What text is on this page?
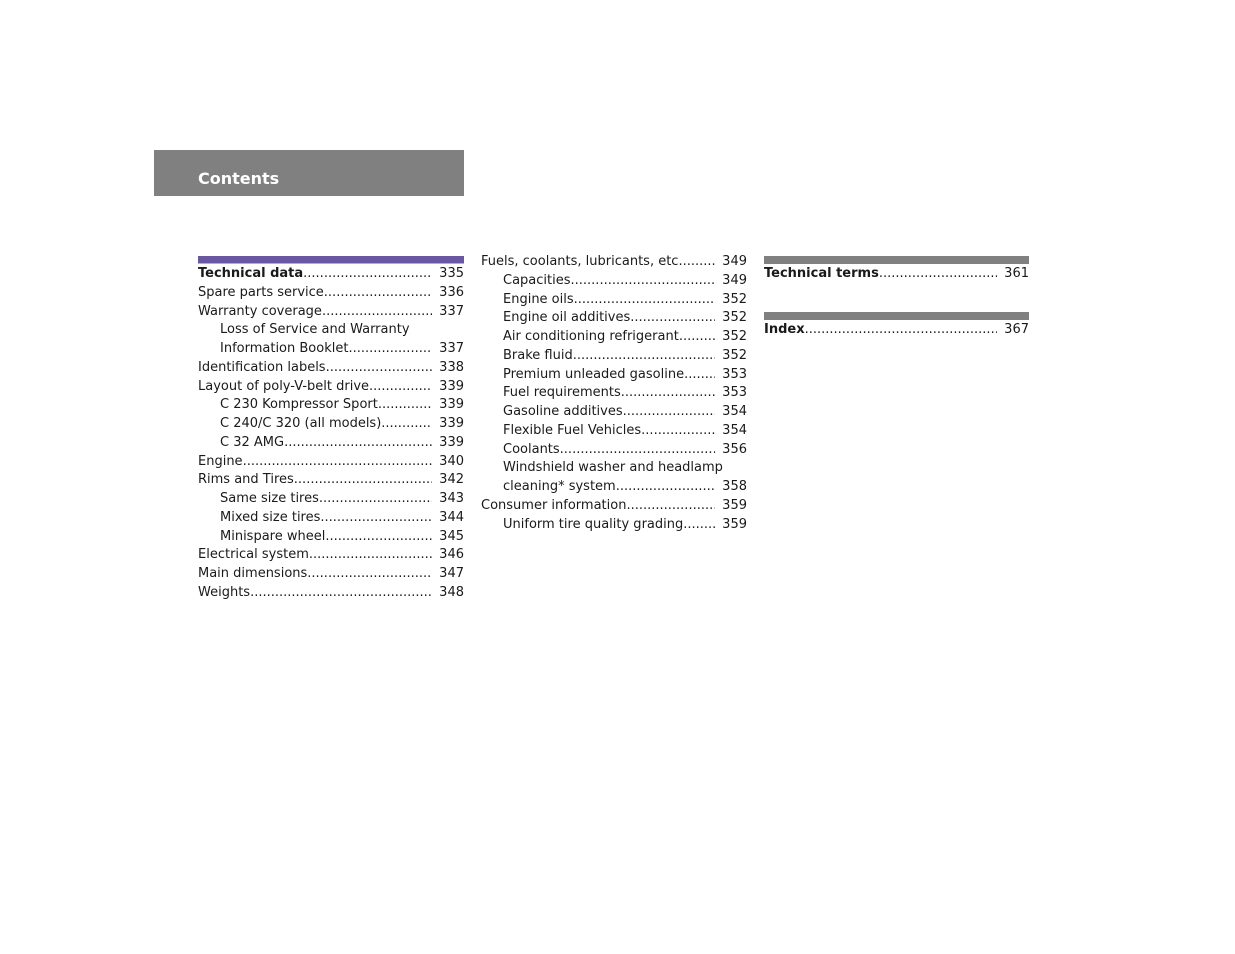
Contents
Technical data .....	335
Spare parts service .....	336
Warranty coverage .....	337
Loss of Service and Warranty
Information Booklet .....	337
Identification labels .....	338
Layout of poly-V-belt drive .....	339
C 230 Kompressor Sport .....	339
C 240/C 320 (all models) .....	339
C 32 AMG .....	339
Engine .....	340
Rims and Tires .....	342
Same size tires .....	343
Mixed size tires .....	344
Minispare wheel .....	345
Electrical system .....	346
Main dimensions .....	347
Weights .....	348
Fuels, coolants, lubricants, etc. .....	349
Capacities .....	349
Engine oils .....	352
Engine oil additives .....	352
Air conditioning refrigerant .....	352
Brake fluid .....	352
Premium unleaded gasoline .....	353
Fuel requirements .....	353
Gasoline additives .....	354
Flexible Fuel Vehicles .....	354
Coolants .....	356
Windshield washer and headlamp
cleaning* system .....	358
Consumer information .....	359
Uniform tire quality grading .....	359
Technical terms .....	361
Index .....	367
